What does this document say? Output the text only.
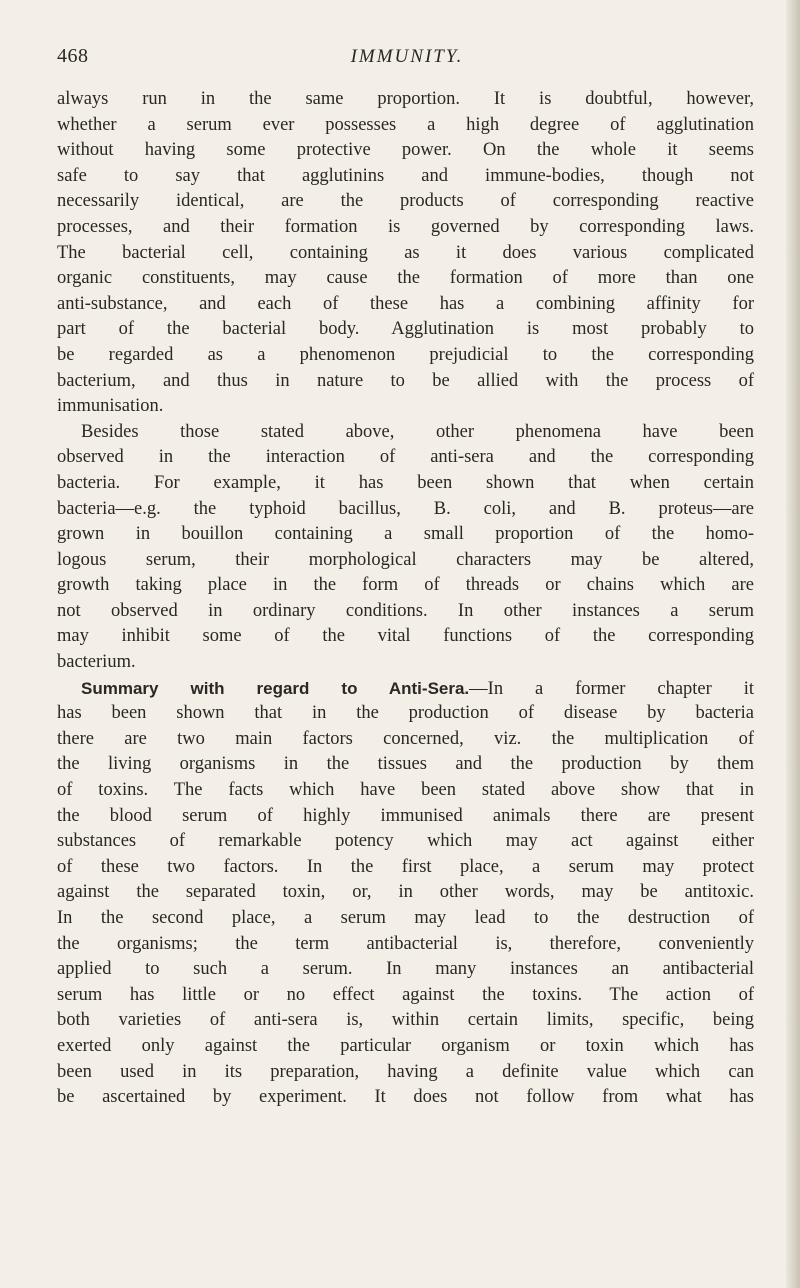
468	IMMUNITY.
always run in the same proportion. It is doubtful, however,
whether a serum ever possesses a high degree of agglutination
without having some protective power. On the whole it seems
safe to say that agglutinins and immune-bodies, though not
necessarily identical, are the products of corresponding reactive
processes, and their formation is governed by corresponding laws.
The bacterial cell, containing as it does various complicated
organic constituents, may cause the formation of more than one
anti-substance, and each of these has a combining affinity for
part of the bacterial body. Agglutination is most probably to
be regarded as a phenomenon prejudicial to the corresponding
bacterium, and thus in nature to be allied with the process of
immunisation.
Besides those stated above, other phenomena have been
observed in the interaction of anti-sera and the corresponding
bacteria. For example, it has been shown that when certain
bacteria—e.g. the typhoid bacillus, B. coli, and B. proteus—are
grown in bouillon containing a small proportion of the homo-
logous serum, their morphological characters may be altered,
growth taking place in the form of threads or chains which are
not observed in ordinary conditions. In other instances a serum
may inhibit some of the vital functions of the corresponding
bacterium.
Summary with regard to Anti-Sera.—In a former chapter it
has been shown that in the production of disease by bacteria
there are two main factors concerned, viz. the multiplication of
the living organisms in the tissues and the production by them
of toxins. The facts which have been stated above show that in
the blood serum of highly immunised animals there are present
substances of remarkable potency which may act against either
of these two factors. In the first place, a serum may protect
against the separated toxin, or, in other words, may be antitoxic.
In the second place, a serum may lead to the destruction of
the organisms; the term antibacterial is, therefore, conveniently
applied to such a serum. In many instances an antibacterial
serum has little or no effect against the toxins. The action of
both varieties of anti-sera is, within certain limits, specific, being
exerted only against the particular organism or toxin which has
been used in its preparation, having a definite value which can
be ascertained by experiment. It does not follow from what has
